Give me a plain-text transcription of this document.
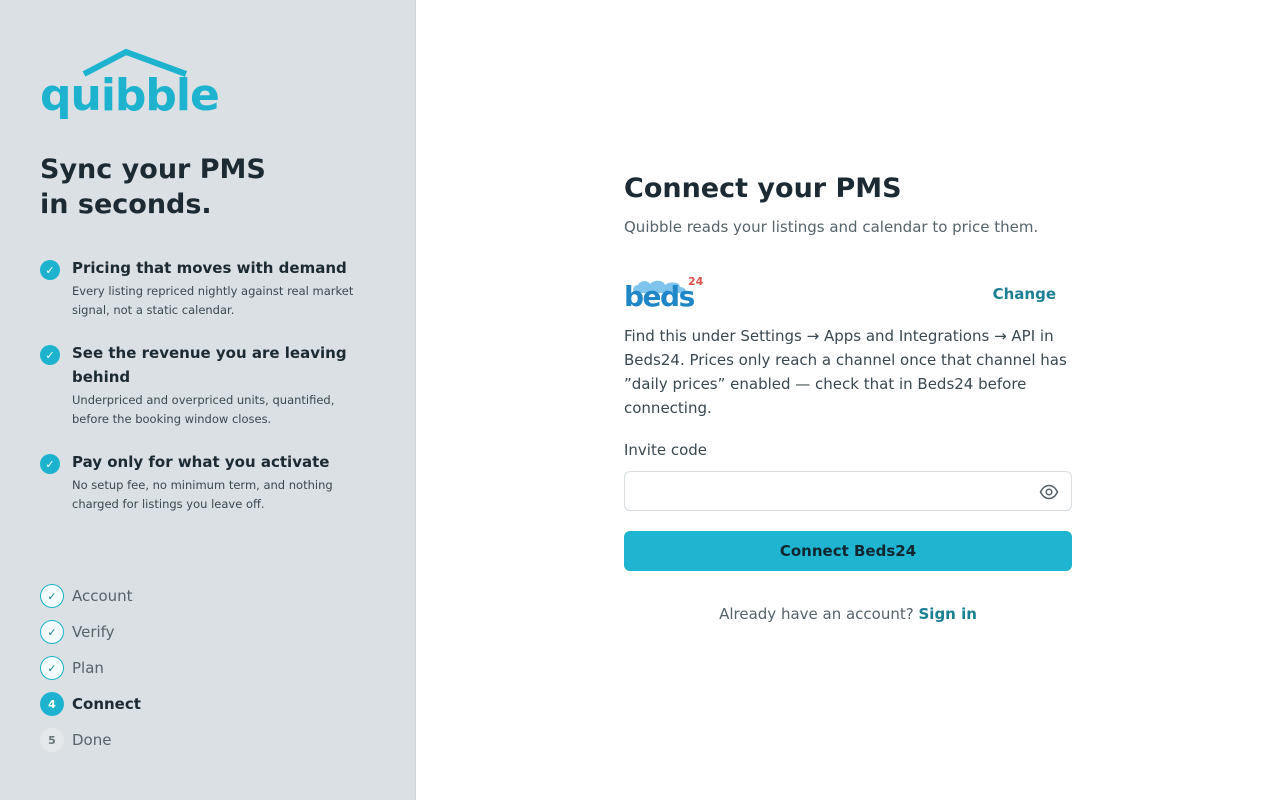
quibble
Sync your PMS
in seconds.
✓	Pricing that moves with demand
Every listing repriced nightly against real market signal, not a static calendar.
✓	See the revenue you are leaving behind
Underpriced and overpriced units, quantified, before the booking window closes.
✓	Pay only for what you activate
No setup fee, no minimum term, and nothing charged for listings you leave off.
✓	Account
✓	Verify
✓	Plan
4	Connect
5	Done
Connect your PMS

Quibble reads your listings and calendar to price them.

beds
24
Change

Find this under Settings → Apps and Integrations → API in Beds24. Prices only reach a channel once that channel has ”daily prices” enabled — check that in Beds24 before connecting.

Invite code
Connect Beds24
Already have an account? Sign in
